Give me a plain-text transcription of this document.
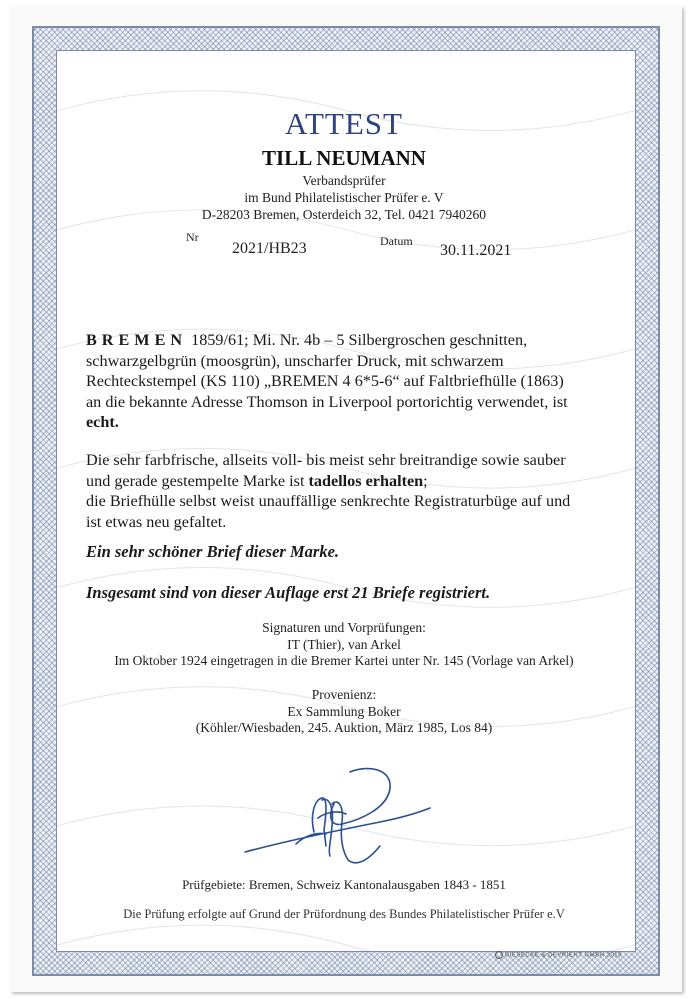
ATTEST
TILL NEUMANN
Verbandsprüfer
im Bund Philatelistischer Prüfer e. V
D-28203 Bremen, Osterdeich 32, Tel. 0421 7940260
Nr
2021/HB23	Datum
30.11.2021
BREMEN 1859/61; Mi. Nr. 4b – 5 Silbergroschen geschnitten,
schwarzgelbgrün (moosgrün), unscharfer Druck, mit schwarzem
Rechteckstempel (KS 110) „BREMEN 4 6*5-6“ auf Faltbriefhülle (1863)
an die bekannte Adresse Thomson in Liverpool portorichtig verwendet, ist
echt.
Die sehr farbfrische, allseits voll- bis meist sehr breitrandige sowie sauber
und gerade gestempelte Marke ist tadellos erhalten;
die Briefhülle selbst weist unauffällige senkrechte Registraturbüge auf und
ist etwas neu gefaltet.
Ein sehr schöner Brief dieser Marke.
Insgesamt sind von dieser Auflage erst 21 Briefe registriert.
Signaturen und Vorprüfungen:
IT (Thier), van Arkel
Im Oktober 1924 eingetragen in die Bremer Kartei unter Nr. 145 (Vorlage van Arkel)
Provenienz:
Ex Sammlung Boker
(Köhler/Wiesbaden, 245. Auktion, März 1985, Los 84)
Prüfgebiete: Bremen, Schweiz Kantonalausgaben 1843 - 1851
Die Prüfung erfolgte auf Grund der Prüfordnung des Bundes Philatelistischer Prüfer e.V
GIESECKE & DEVRIENT GMBH 2016
